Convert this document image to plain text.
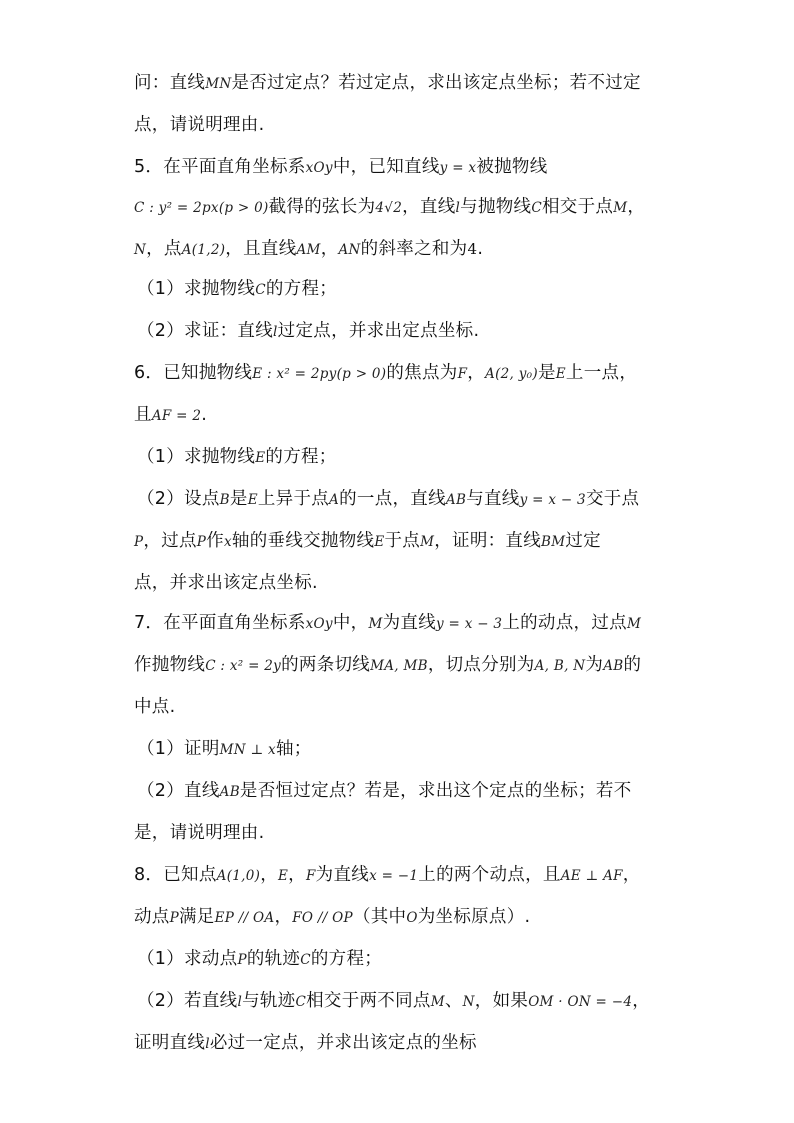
问：直线MN是否过定点？若过定点，求出该定点坐标；若不过定
点，请说明理由.
5．在平面直角坐标系xOy中，已知直线y = x被抛物线
C : y² = 2px(p > 0)截得的弦长为4√2，直线l与抛物线C相交于点M，
N，点A(1,2)，且直线AM，AN的斜率之和为4.
（1）求抛物线C的方程；
（2）求证：直线l过定点，并求出定点坐标.
6．已知抛物线E : x² = 2py(p > 0)的焦点为F，A(2, y₀)是E上一点，
且AF = 2.
（1）求抛物线E的方程；
（2）设点B是E上异于点A的一点，直线AB与直线y = x − 3交于点
P，过点P作x轴的垂线交抛物线E于点M，证明：直线BM过定
点，并求出该定点坐标.
7．在平面直角坐标系xOy中，M为直线y = x − 3上的动点，过点M
作抛物线C : x² = 2y的两条切线MA, MB，切点分别为A, B, N为AB的
中点.
（1）证明MN ⊥ x轴；
（2）直线AB是否恒过定点？若是，求出这个定点的坐标；若不
是，请说明理由.
8．已知点A(1,0)，E，F为直线x = −1上的两个动点，且AE ⊥ AF，
动点P满足EP // OA，FO // OP（其中O为坐标原点）.
（1）求动点P的轨迹C的方程；
（2）若直线l与轨迹C相交于两不同点M、N，如果OM · ON = −4，
证明直线l必过一定点，并求出该定点的坐标
